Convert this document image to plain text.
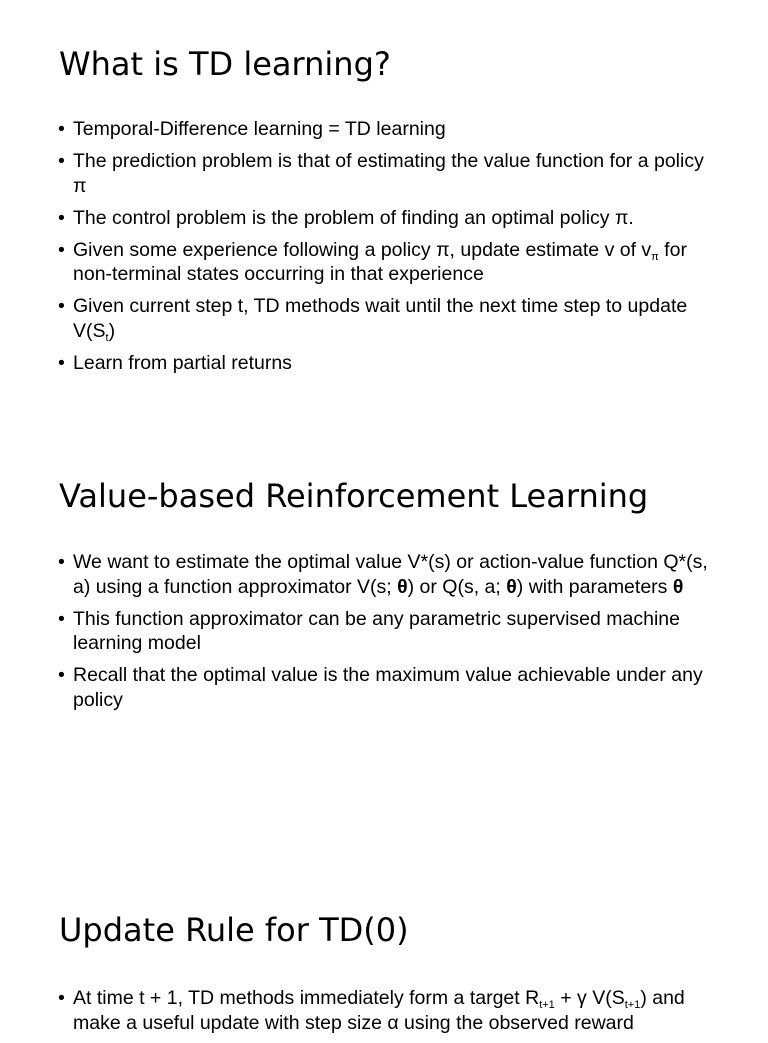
What is TD learning?
• Temporal-Difference learning = TD learning
• The prediction problem is that of estimating the value function for a policy π
• The control problem is the problem of finding an optimal policy π.
• Given some experience following a policy π, update estimate v of $v_\pi$ for non-terminal states occurring in that experience
• Given current step t, TD methods wait until the next time step to update $V(S_t)$
• Learn from partial returns
Value-based Reinforcement Learning
• We want to estimate the optimal value V*(s) or action-value function Q*(s, a) using a function approximator V(s; θ) or Q(s, a; θ) with parameters θ
• This function approximator can be any parametric supervised machine learning model
• Recall that the optimal value is the maximum value achievable under any policy
Update Rule for TD(0)
• At time t + 1, TD methods immediately form a target $R_{t+1} + \gamma$ $V(S_{t+1})$ and make a useful update with step size α using the observed reward
